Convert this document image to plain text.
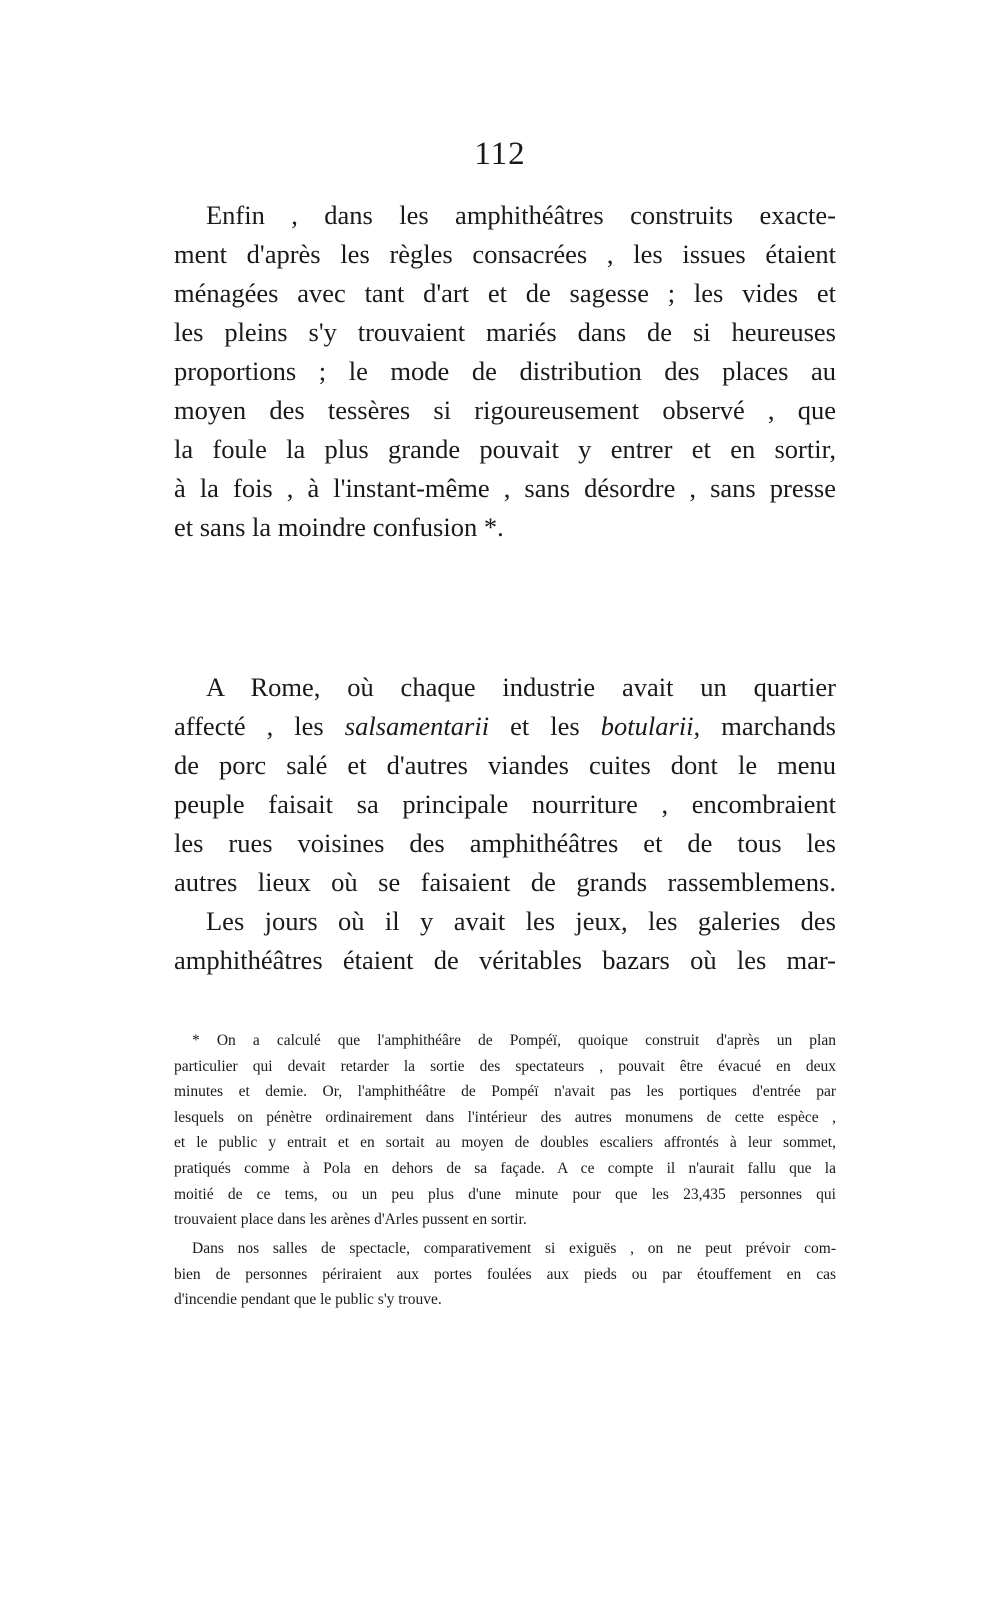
112
Enfin , dans les amphithéâtres construits exacte-
ment d'après les règles consacrées , les issues étaient
ménagées avec tant d'art et de sagesse ; les vides et
les pleins s'y trouvaient mariés dans de si heureuses
proportions ; le mode de distribution des places au
moyen des tessères si rigoureusement observé , que
la foule la plus grande pouvait y entrer et en sortir,
à la fois , à l'instant-même , sans désordre , sans presse
et sans la moindre confusion *.
A Rome, où chaque industrie avait un quartier
affecté , les salsamentarii et les botularii, marchands
de porc salé et d'autres viandes cuites dont le menu
peuple faisait sa principale nourriture , encombraient
les rues voisines des amphithéâtres et de tous les
autres lieux où se faisaient de grands rassemblemens.
Les jours où il y avait les jeux, les galeries des
amphithéâtres étaient de véritables bazars où les mar-
* On a calculé que l'amphithéâre de Pompéï, quoique construit d'après un plan
particulier qui devait retarder la sortie des spectateurs , pouvait être évacué en deux
minutes et demie. Or, l'amphithéâtre de Pompéï n'avait pas les portiques d'entrée par
lesquels on pénètre ordinairement dans l'intérieur des autres monumens de cette espèce ,
et le public y entrait et en sortait au moyen de doubles escaliers affrontés à leur sommet,
pratiqués comme à Pola en dehors de sa façade. A ce compte il n'aurait fallu que la
moitié de ce tems, ou un peu plus d'une minute pour que les 23,435 personnes qui
trouvaient place dans les arènes d'Arles pussent en sortir.
Dans nos salles de spectacle, comparativement si exiguës , on ne peut prévoir com-
bien de personnes périraient aux portes foulées aux pieds ou par étouffement en cas
d'incendie pendant que le public s'y trouve.
